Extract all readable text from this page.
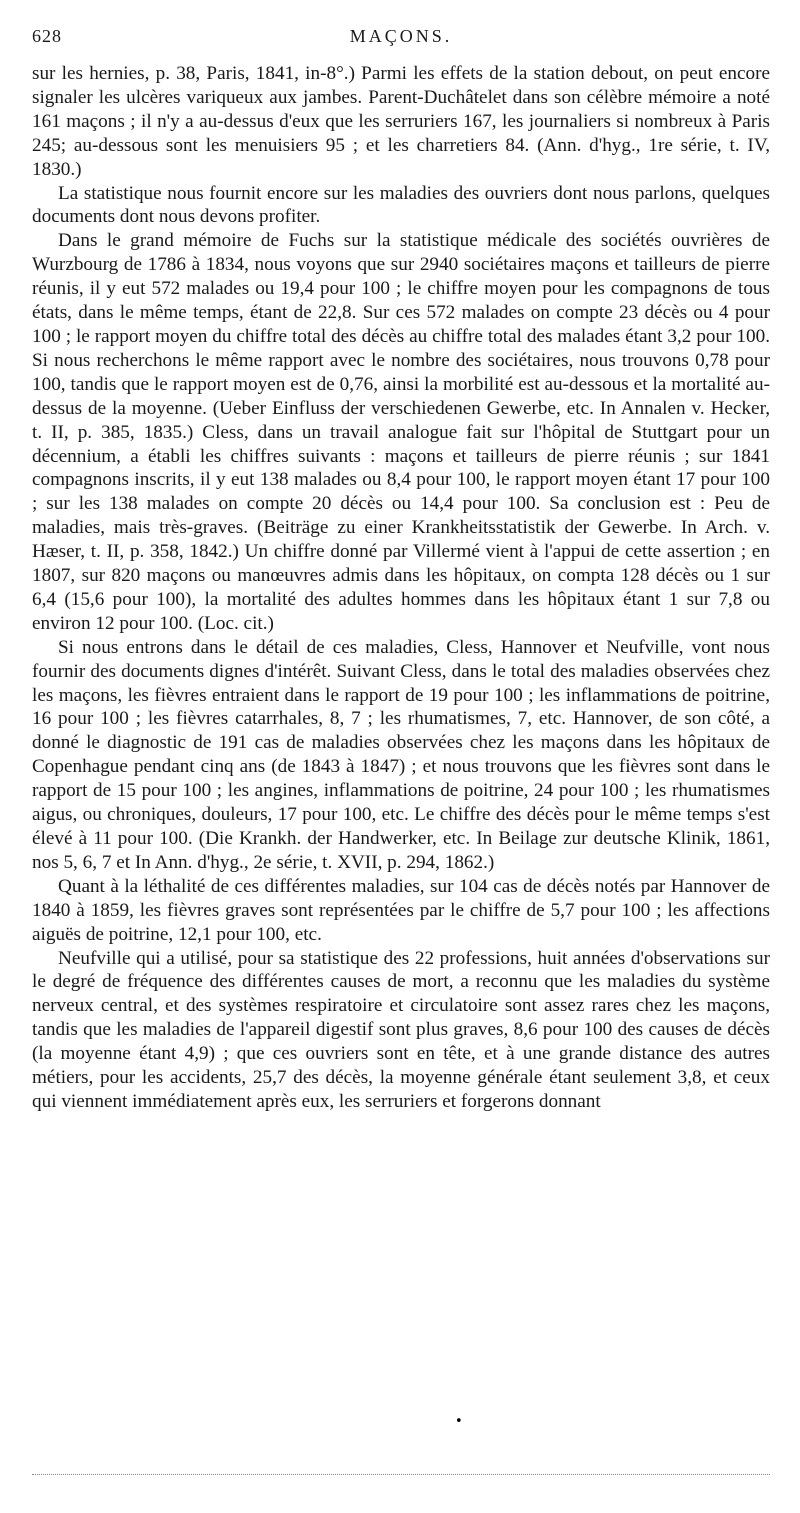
628	MAÇONS.

sur les hernies, p. 38, Paris, 1841, in-8°.) Parmi les effets de la station debout, on peut encore signaler les ulcères variqueux aux jambes. Parent-Duchâtelet dans son célèbre mémoire a noté 161 maçons ; il n'y a au-dessus d'eux que les serruriers 167, les journaliers si nombreux à Paris 245; au-dessous sont les menuisiers 95 ; et les charretiers 84. (Ann. d'hyg., 1re série, t. IV, 1830.)

La statistique nous fournit encore sur les maladies des ouvriers dont nous parlons, quelques documents dont nous devons profiter.

Dans le grand mémoire de Fuchs sur la statistique médicale des sociétés ouvrières de Wurzbourg de 1786 à 1834, nous voyons que sur 2940 sociétaires maçons et tailleurs de pierre réunis, il y eut 572 malades ou 19,4 pour 100 ; le chiffre moyen pour les compagnons de tous états, dans le même temps, étant de 22,8. Sur ces 572 malades on compte 23 décès ou 4 pour 100 ; le rapport moyen du chiffre total des décès au chiffre total des malades étant 3,2 pour 100. Si nous recherchons le même rapport avec le nombre des sociétaires, nous trouvons 0,78 pour 100, tandis que le rapport moyen est de 0,76, ainsi la morbilité est au-dessous et la mortalité au-dessus de la moyenne. (Ueber Einfluss der verschiedenen Gewerbe, etc. In Annalen v. Hecker, t. II, p. 385, 1835.) Cless, dans un travail analogue fait sur l'hôpital de Stuttgart pour un décennium, a établi les chiffres suivants : maçons et tailleurs de pierre réunis ; sur 1841 compagnons inscrits, il y eut 138 malades ou 8,4 pour 100, le rapport moyen étant 17 pour 100 ; sur les 138 malades on compte 20 décès ou 14,4 pour 100. Sa conclusion est : Peu de maladies, mais très-graves. (Beiträge zu einer Krankheitsstatistik der Gewerbe. In Arch. v. Hæser, t. II, p. 358, 1842.) Un chiffre donné par Villermé vient à l'appui de cette assertion ; en 1807, sur 820 maçons ou manœuvres admis dans les hôpitaux, on compta 128 décès ou 1 sur 6,4 (15,6 pour 100), la mortalité des adultes hommes dans les hôpitaux étant 1 sur 7,8 ou environ 12 pour 100. (Loc. cit.)

Si nous entrons dans le détail de ces maladies, Cless, Hannover et Neufville, vont nous fournir des documents dignes d'intérêt. Suivant Cless, dans le total des maladies observées chez les maçons, les fièvres entraient dans le rapport de 19 pour 100 ; les inflammations de poitrine, 16 pour 100 ; les fièvres catarrhales, 8, 7 ; les rhumatismes, 7, etc. Hannover, de son côté, a donné le diagnostic de 191 cas de maladies observées chez les maçons dans les hôpitaux de Copenhague pendant cinq ans (de 1843 à 1847) ; et nous trouvons que les fièvres sont dans le rapport de 15 pour 100 ; les angines, inflammations de poitrine, 24 pour 100 ; les rhumatismes aigus, ou chroniques, douleurs, 17 pour 100, etc. Le chiffre des décès pour le même temps s'est élevé à 11 pour 100. (Die Krankh. der Handwerker, etc. In Beilage zur deutsche Klinik, 1861, nos 5, 6, 7 et In Ann. d'hyg., 2e série, t. XVII, p. 294, 1862.)

Quant à la léthalité de ces différentes maladies, sur 104 cas de décès notés par Hannover de 1840 à 1859, les fièvres graves sont représentées par le chiffre de 5,7 pour 100 ; les affections aiguës de poitrine, 12,1 pour 100, etc.

Neufville qui a utilisé, pour sa statistique des 22 professions, huit années d'observations sur le degré de fréquence des différentes causes de mort, a reconnu que les maladies du système nerveux central, et des systèmes respiratoire et circulatoire sont assez rares chez les maçons, tandis que les maladies de l'appareil digestif sont plus graves, 8,6 pour 100 des causes de décès (la moyenne étant 4,9) ; que ces ouvriers sont en tête, et à une grande distance des autres métiers, pour les accidents, 25,7 des décès, la moyenne générale étant seulement 3,8, et ceux qui viennent immédiatement après eux, les serruriers et forgerons donnant

•
